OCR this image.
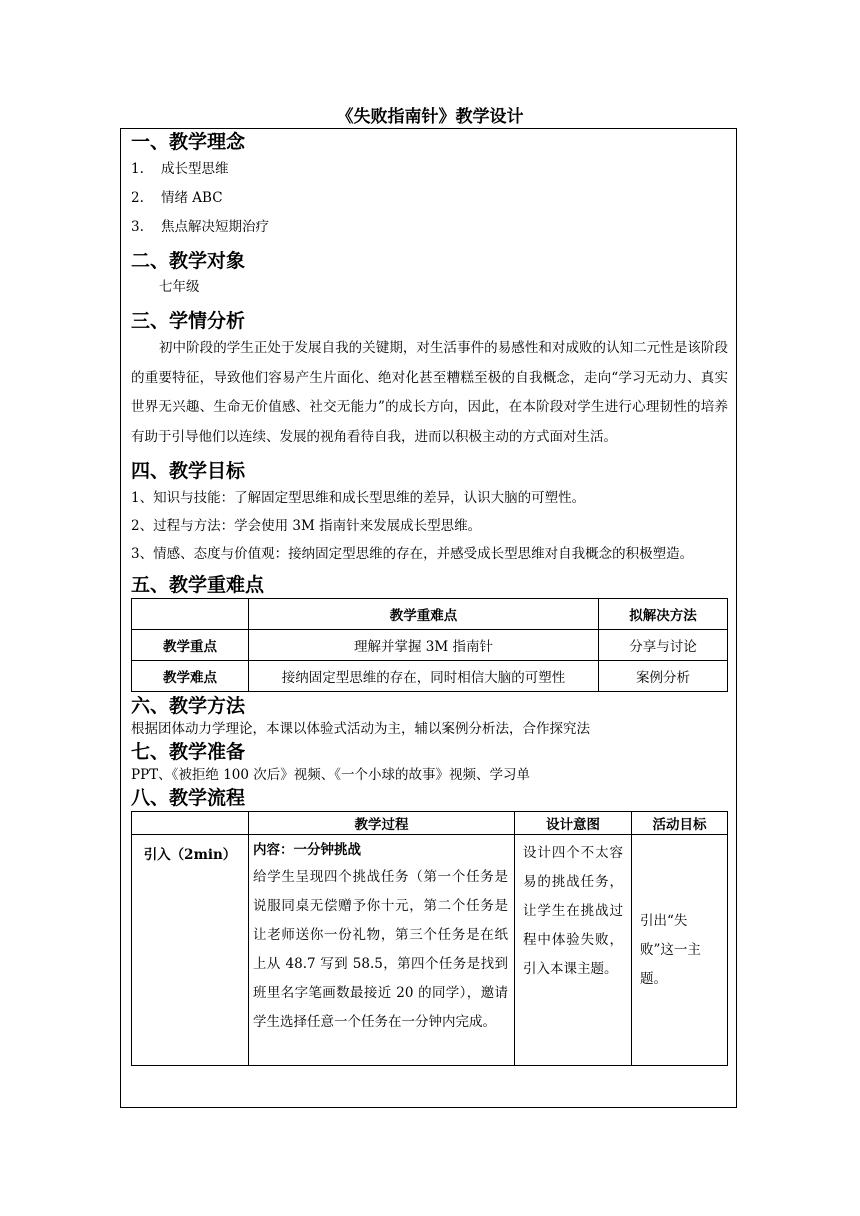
《失败指南针》教学设计
一、教学理念
1.	成长型思维
2.	情绪 ABC
3.	焦点解决短期治疗
二、教学对象
七年级
三、学情分析

初中阶段的学生正处于发展自我的关键期，对生活事件的易感性和对成败的认知二元性是该阶段的重要特征，导致他们容易产生片面化、绝对化甚至糟糕至极的自我概念，走向“学习无动力、真实世界无兴趣、生命无价值感、社交无能力”的成长方向，因此，在本阶段对学生进行心理韧性的培养有助于引导他们以连续、发展的视角看待自我，进而以积极主动的方式面对生活。

四、教学目标

1、知识与技能：了解固定型思维和成长型思维的差异，认识大脑的可塑性。

2、过程与方法：学会使用 3M 指南针来发展成长型思维。

3、情感、态度与价值观：接纳固定型思维的存在，并感受成长型思维对自我概念的积极塑造。

五、教学重难点
	教学重难点	拟解决方法
教学重点	理解并掌握 3M 指南针	分享与讨论
教学难点	接纳固定型思维的存在，同时相信大脑的可塑性	案例分析
六、教学方法

根据团体动力学理论，本课以体验式活动为主，辅以案例分析法，合作探究法

七、教学准备

PPT、《被拒绝 100 次后》视频、《一个小球的故事》视频、学习单

八、教学流程
	教学过程	设计意图	活动目标
引入（2min）	内容：一分钟挑战
给学生呈现四个挑战任务（第一个任务是说服同桌无偿赠予你十元，第二个任务是让老师送你一份礼物，第三个任务是在纸上从 48.7 写到 58.5，第四个任务是找到班里名字笔画数最接近 20 的同学），邀请学生选择任意一个任务在一分钟内完成。	设计四个不太容易的挑战任务，让学生在挑战过程中体验失败，引入本课主题。	引出“失败”这一主题。
